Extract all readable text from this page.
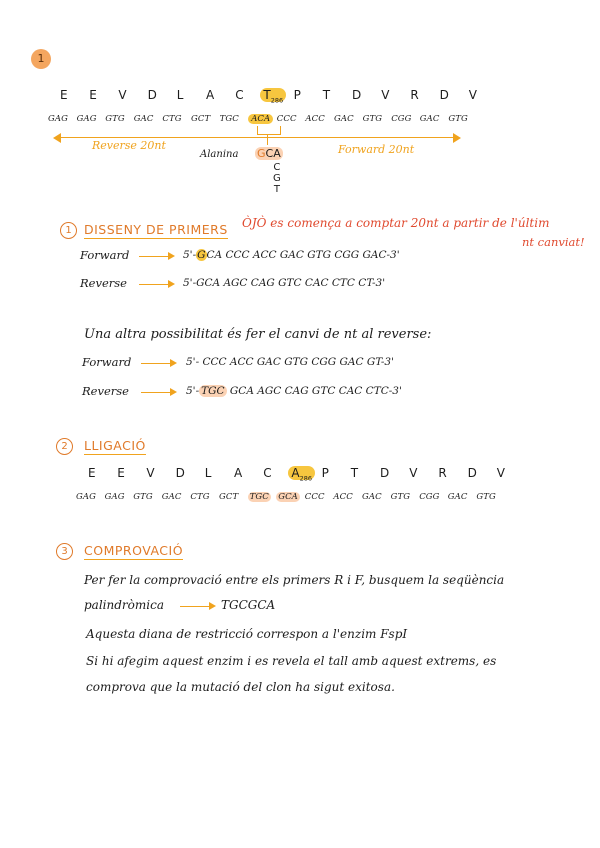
1
E E V D L A C $T_{286}$ P T D V R D V
GAG GAG GTG GAC CTG GCT TGC	ACA CCC ACC GAC GTG CGG GAC GTG
Reverse 20nt	Forward 20nt
Alanina GCA
C
G
T
1 DISSENY DE PRIMERS ÒJÒ es comença a comptar 20nt a partir de l'últim
nt canviat!
Forward	5'-GCA CCC ACC GAC GTG CGG GAC-3'
Reverse	5'-GCA AGC CAG GTC CAC CTC CT-3'
Una altra possibilitat és fer el canvi de nt al reverse:
Forward	5'- CCC ACC GAC GTG CGG GAC GT-3'
Reverse	5'- TGC GCA AGC CAG GTC CAC CTC-3'
2	LLIGACIÓ
E E V D L A C $A_{286}$ P T D V R D V
GAG GAG GTG GAC CTG GCT TGC GCA CCC ACC GAC GTG CGG GAC GTG
3	COMPROVACIÓ
Per fer la comprovació entre els primers R i F, busquem la seqüència
palindròmica	TGCGCA
Aquesta diana de restricció correspon a l'enzim FspI
Si hi afegim aquest enzim i es revela el tall amb aquest extrems, es
comprova que la mutació del clon ha sigut exitosa.
